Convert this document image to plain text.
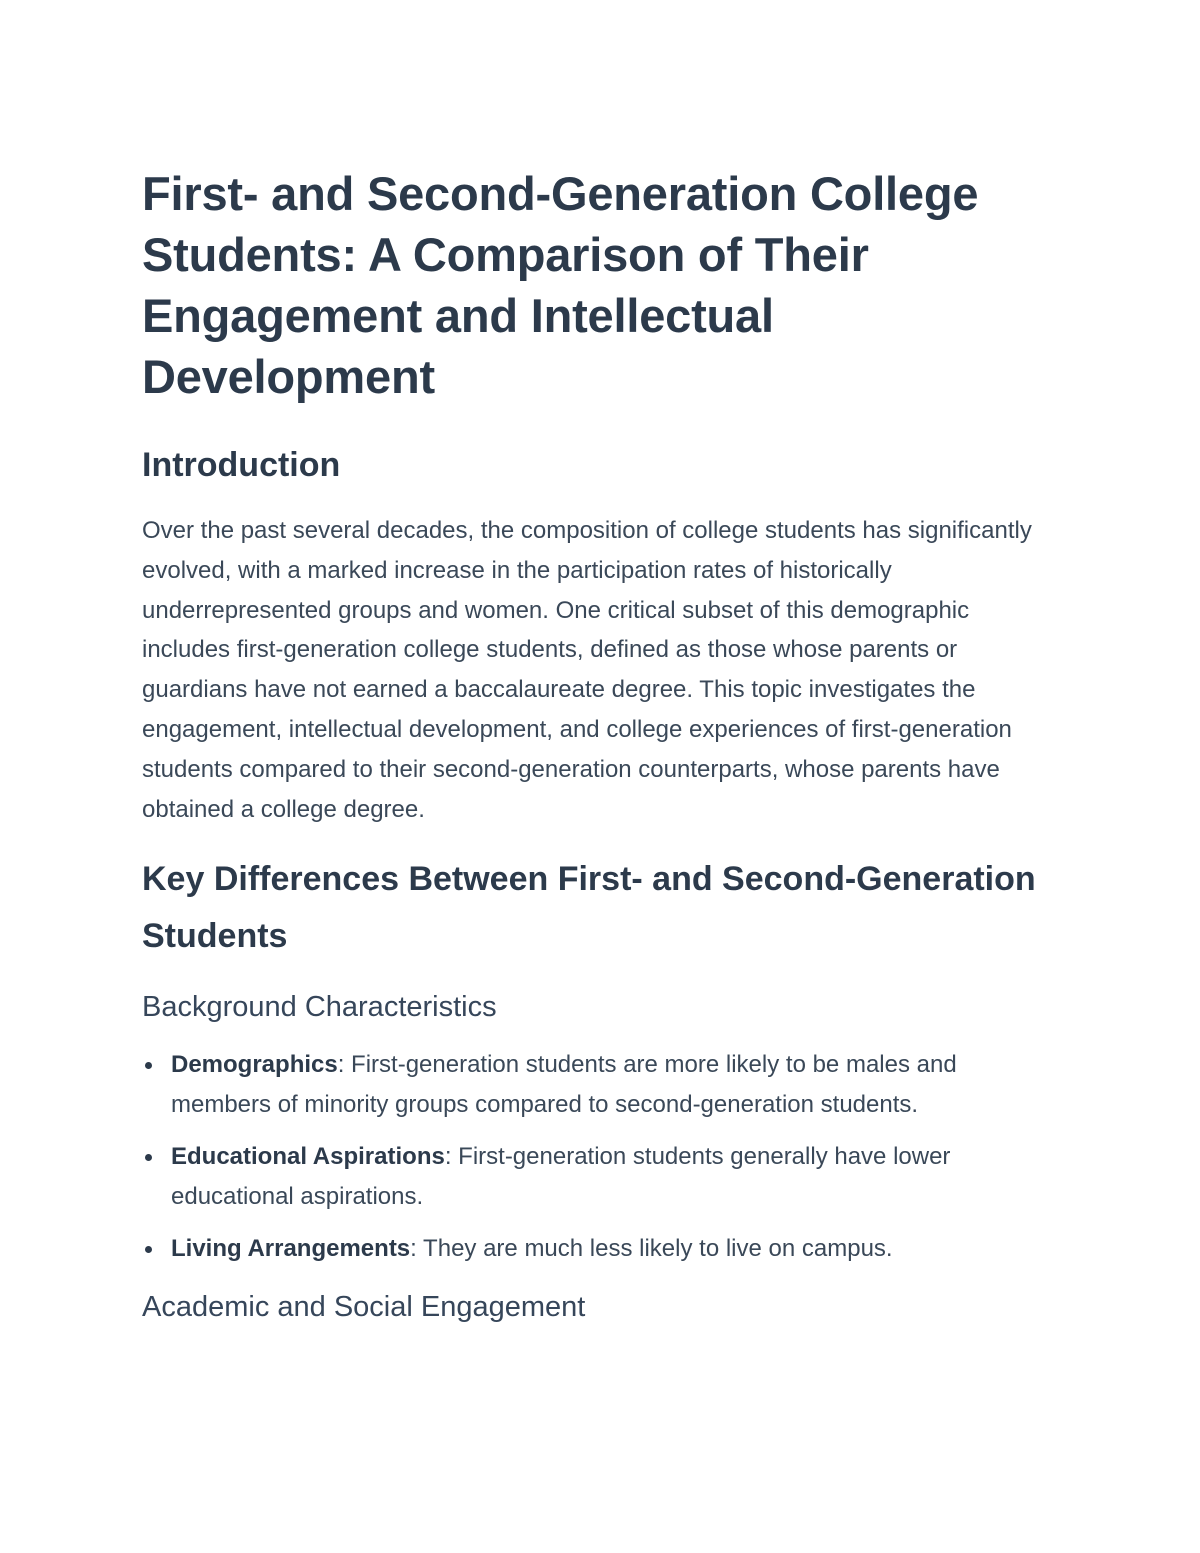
First- and Second-Generation College Students: A Comparison of Their Engagement and Intellectual Development
Introduction

Over the past several decades, the composition of college students has significantly evolved, with a marked increase in the participation rates of historically underrepresented groups and women. One critical subset of this demographic includes first-generation college students, defined as those whose parents or guardians have not earned a baccalaureate degree. This topic investigates the engagement, intellectual development, and college experiences of first-generation students compared to their second-generation counterparts, whose parents have obtained a college degree.

Key Differences Between First- and Second-Generation Students
Background Characteristics
Demographics: First-generation students are more likely to be males and members of minority groups compared to second-generation students.
Educational Aspirations: First-generation students generally have lower educational aspirations.
Living Arrangements: They are much less likely to live on campus.
Academic and Social Engagement
